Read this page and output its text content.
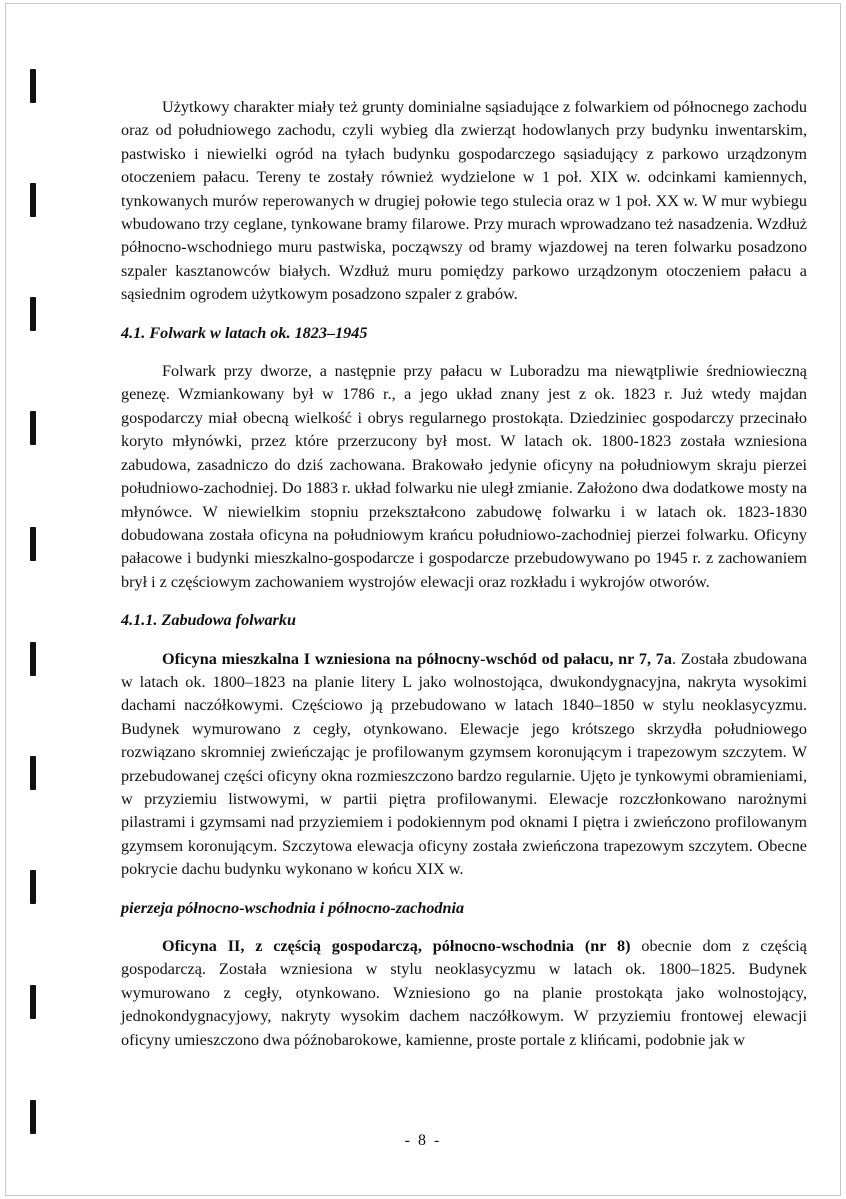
Użytkowy charakter miały też grunty dominialne sąsiadujące z folwarkiem od północnego zachodu oraz od południowego zachodu, czyli wybieg dla zwierząt hodowlanych przy budynku inwentarskim, pastwisko i niewielki ogród na tyłach budynku gospodarczego sąsiadujący z parkowo urządzonym otoczeniem pałacu. Tereny te zostały również wydzielone w 1 poł. XIX w. odcinkami kamiennych, tynkowanych murów reperowanych w drugiej połowie tego stulecia oraz w 1 poł. XX w. W mur wybiegu wbudowano trzy ceglane, tynkowane bramy filarowe. Przy murach wprowadzano też nasadzenia. Wzdłuż północno-wschodniego muru pastwiska, począwszy od bramy wjazdowej na teren folwarku posadzono szpaler kasztanowców białych. Wzdłuż muru pomiędzy parkowo urządzonym otoczeniem pałacu a sąsiednim ogrodem użytkowym posadzono szpaler z grabów.

4.1. Folwark w latach ok. 1823–1945

Folwark przy dworze, a następnie przy pałacu w Luboradzu ma niewątpliwie średniowieczną genezę. Wzmiankowany był w 1786 r., a jego układ znany jest z ok. 1823 r. Już wtedy majdan gospodarczy miał obecną wielkość i obrys regularnego prostokąta. Dziedziniec gospodarczy przecinało koryto młynówki, przez które przerzucony był most. W latach ok. 1800-1823 została wzniesiona zabudowa, zasadniczo do dziś zachowana. Brakowało jedynie oficyny na południowym skraju pierzei południowo-zachodniej. Do 1883 r. układ folwarku nie uległ zmianie. Założono dwa dodatkowe mosty na młynówce. W niewielkim stopniu przekształcono zabudowę folwarku i w latach ok. 1823-1830 dobudowana została oficyna na południowym krańcu południowo-zachodniej pierzei folwarku. Oficyny pałacowe i budynki mieszkalno-gospodarcze i gospodarcze przebudowywano po 1945 r. z zachowaniem brył i z częściowym zachowaniem wystrojów elewacji oraz rozkładu i wykrojów otworów.

4.1.1. Zabudowa folwarku

Oficyna mieszkalna I wzniesiona na północny-wschód od pałacu, nr 7, 7a. Została zbudowana w latach ok. 1800–1823 na planie litery L jako wolnostojąca, dwukondygnacyjna, nakryta wysokimi dachami naczółkowymi. Częściowo ją przebudowano w latach 1840–1850 w stylu neoklasycyzmu. Budynek wymurowano z cegły, otynkowano. Elewacje jego krótszego skrzydła południowego rozwiązano skromniej zwieńczając je profilowanym gzymsem koronującym i trapezowym szczytem. W przebudowanej części oficyny okna rozmieszczono bardzo regularnie. Ujęto je tynkowymi obramieniami, w przyziemiu listwowymi, w partii piętra profilowanymi. Elewacje rozczłonkowano narożnymi pilastrami i gzymsami nad przyziemiem i podokiennym pod oknami I piętra i zwieńczono profilowanym gzymsem koronującym. Szczytowa elewacja oficyny została zwieńczona trapezowym szczytem. Obecne pokrycie dachu budynku wykonano w końcu XIX w.

pierzeja północno-wschodnia i północno-zachodnia

Oficyna II, z częścią gospodarczą, północno-wschodnia (nr 8) obecnie dom z częścią gospodarczą. Została wzniesiona w stylu neoklasycyzmu w latach ok. 1800–1825. Budynek wymurowano z cegły, otynkowano. Wzniesiono go na planie prostokąta jako wolnostojący, jednokondygnacyjowy, nakryty wysokim dachem naczółkowym. W przyziemiu frontowej elewacji oficyny umieszczono dwa późnobarokowe, kamienne, proste portale z klińcami, podobnie jak w

- 8 -
